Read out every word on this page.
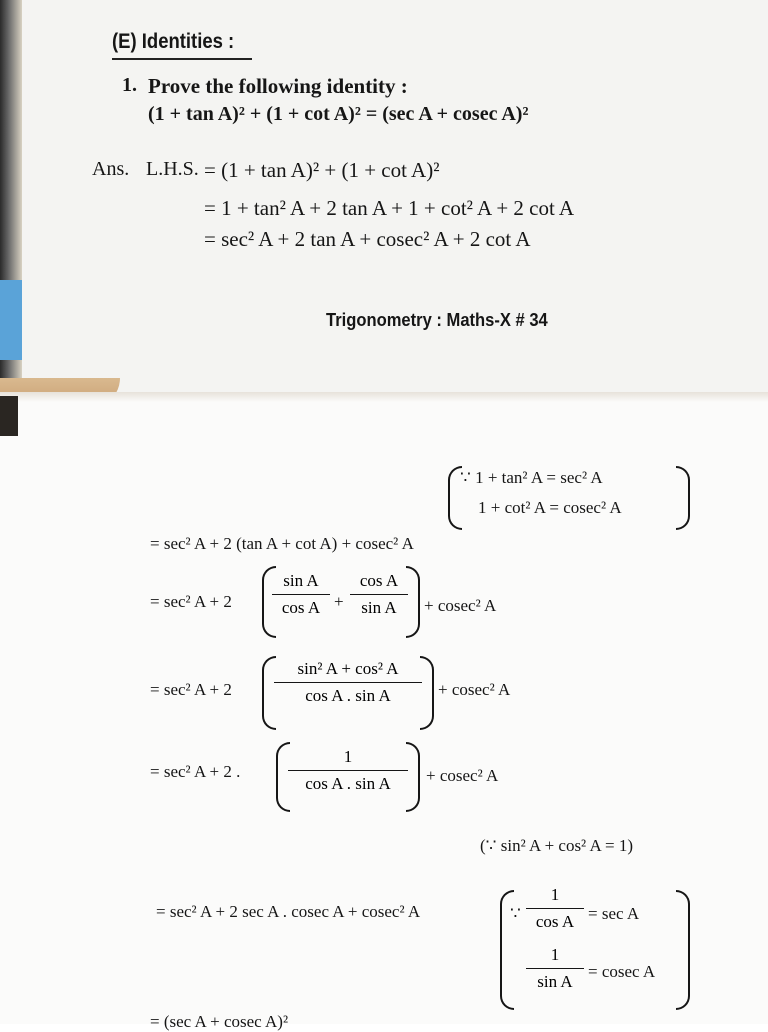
(E) Identities :
1. Prove the following identity :
(1 + tan A)² + (1 + cot A)² = (sec A + cosec A)²
Ans. L.H.S. = (1 + tan A)² + (1 + cot A)²
= 1 + tan² A + 2 tan A + 1 + cot² A + 2 cot A
= sec² A + 2 tan A + cosec² A + 2 cot A
Trigonometry : Maths-X # 34
∵ 1 + tan² A = sec² A
1 + cot² A = cosec² A
= sec² A + 2 (tan A + cot A) + cosec² A
= sec² A + 2
sin A
cos A +
cos A
sin A	+ cosec² A
= sec² A + 2
sin² A + cos² A
cos A . sin A	+ cosec² A
= sec² A + 2 .
1
cos A . sin A	+ cosec² A
(∵ sin² A + cos² A = 1)
= sec² A + 2 sec A . cosec A + cosec² A	∵
1
cos A = sec A
1
sin A
= cosec A
= (sec A + cosec A)²
